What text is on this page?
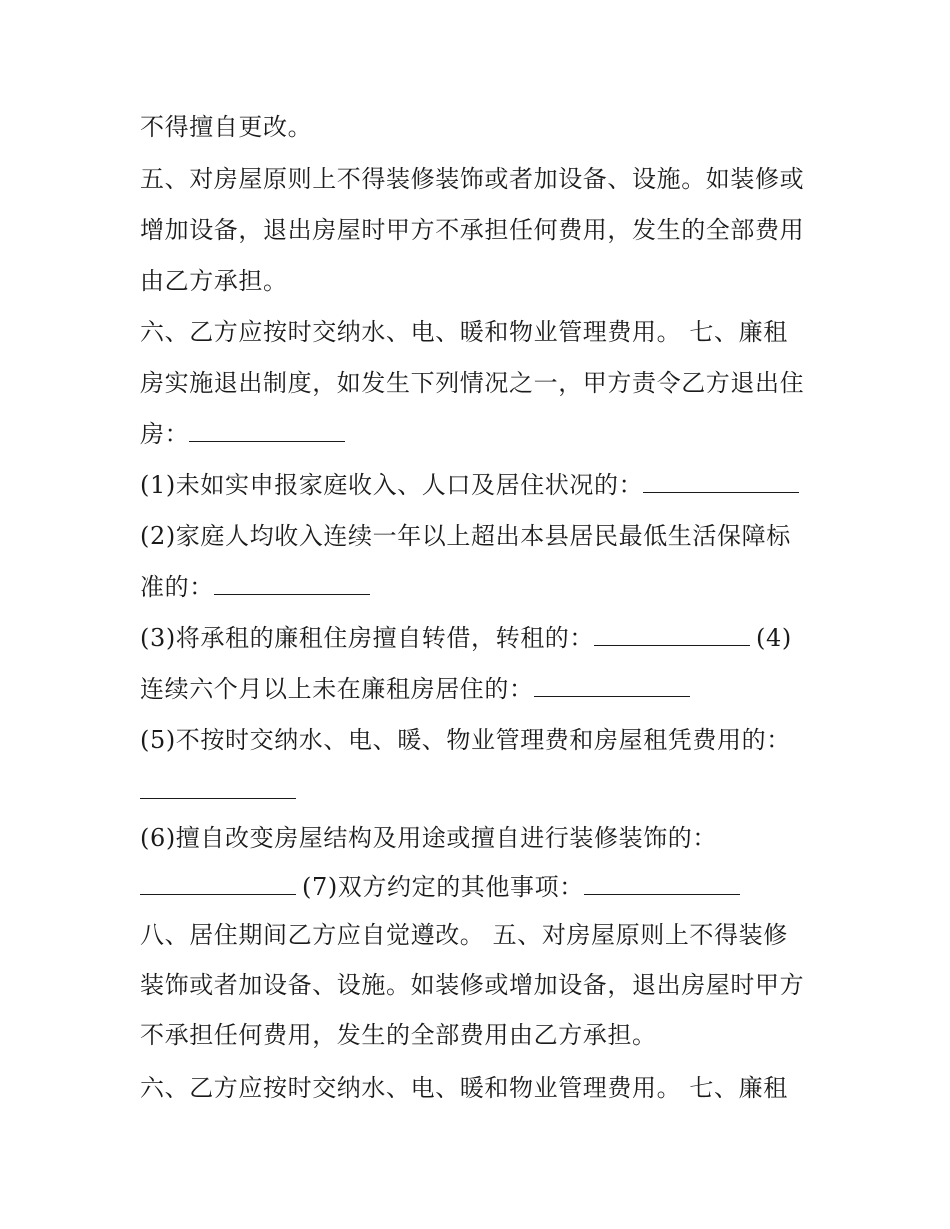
不得擅自更改。
五、对房屋原则上不得装修装饰或者加设备、设施。如装修或
增加设备，退出房屋时甲方不承担任何费用，发生的全部费用
由乙方承担。
六、乙方应按时交纳水、电、暖和物业管理费用。 七、廉租
房实施退出制度，如发生下列情况之一，甲方责令乙方退出住
房：
(1)未如实申报家庭收入、人口及居住状况的：
(2)家庭人均收入连续一年以上超出本县居民最低生活保障标
准的：
(3)将承租的廉租住房擅自转借，转租的：	(4)
连续六个月以上未在廉租房居住的：
(5)不按时交纳水、电、暖、物业管理费和房屋租凭费用的：
(6)擅自改变房屋结构及用途或擅自进行装修装饰的：
(7)双方约定的其他事项：
八、居住期间乙方应自觉遵改。 五、对房屋原则上不得装修
装饰或者加设备、设施。如装修或增加设备，退出房屋时甲方
不承担任何费用，发生的全部费用由乙方承担。
六、乙方应按时交纳水、电、暖和物业管理费用。 七、廉租
